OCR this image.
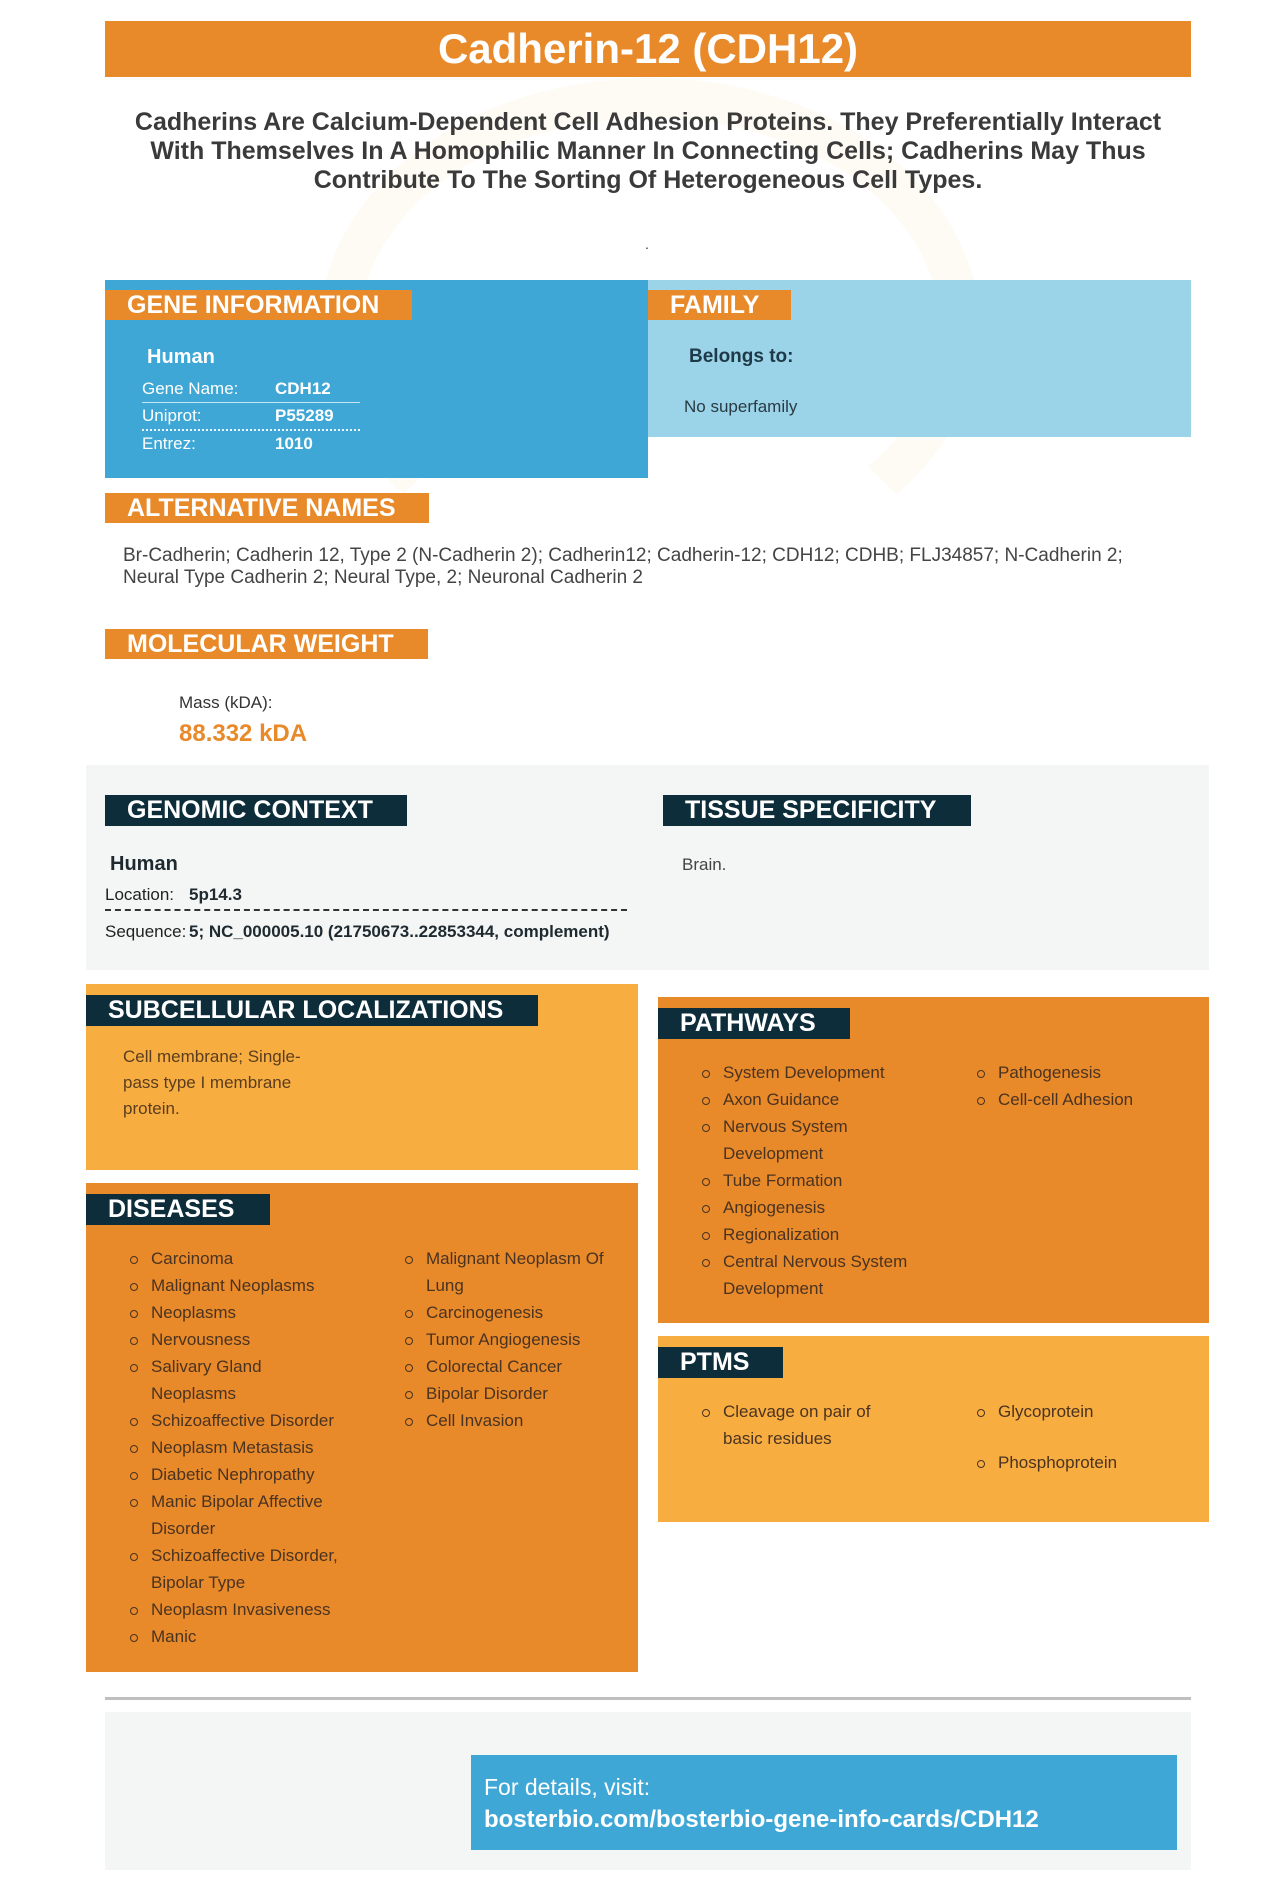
Cadherin-12 (CDH12)
Cadherins Are Calcium-Dependent Cell Adhesion Proteins. They Preferentially Interact With Themselves In A Homophilic Manner In Connecting Cells; Cadherins May Thus Contribute To The Sorting Of Heterogeneous Cell Types.
.
GENE INFORMATION
Human
Gene Name: CDH12
Uniprot:	P55289
Entrez:	1010
FAMILY
Belongs to:
No superfamily
ALTERNATIVE NAMES
Br-Cadherin; Cadherin 12, Type 2 (N-Cadherin 2); Cadherin12; Cadherin-12; CDH12; CDHB; FLJ34857; N-Cadherin 2; Neural Type Cadherin 2; Neural Type, 2; Neuronal Cadherin 2
MOLECULAR WEIGHT
Mass (kDA):
88.332 kDA
GENOMIC CONTEXT
Human
Location: 5p14.3
Sequence: 5; NC_000005.10 (21750673..22853344, complement)
TISSUE SPECIFICITY
Brain.
SUBCELLULAR LOCALIZATIONS
Cell membrane; Single-
pass type I membrane
protein.
PATHWAYS
System Development
Axon Guidance
Nervous System Development
Tube Formation
Angiogenesis
Regionalization
Central Nervous System Development
Pathogenesis
Cell-cell Adhesion
DISEASES
Carcinoma
Malignant Neoplasms
Neoplasms
Nervousness
Salivary Gland Neoplasms
Schizoaffective Disorder
Neoplasm Metastasis
Diabetic Nephropathy
Manic Bipolar Affective Disorder
Schizoaffective Disorder, Bipolar Type
Neoplasm Invasiveness
Manic
Malignant Neoplasm Of Lung
Carcinogenesis
Tumor Angiogenesis
Colorectal Cancer
Bipolar Disorder
Cell Invasion
PTMS
Cleavage on pair of basic residues
Glycoprotein
Phosphoprotein
For details, visit:
bosterbio.com/bosterbio-gene-info-cards/CDH12
